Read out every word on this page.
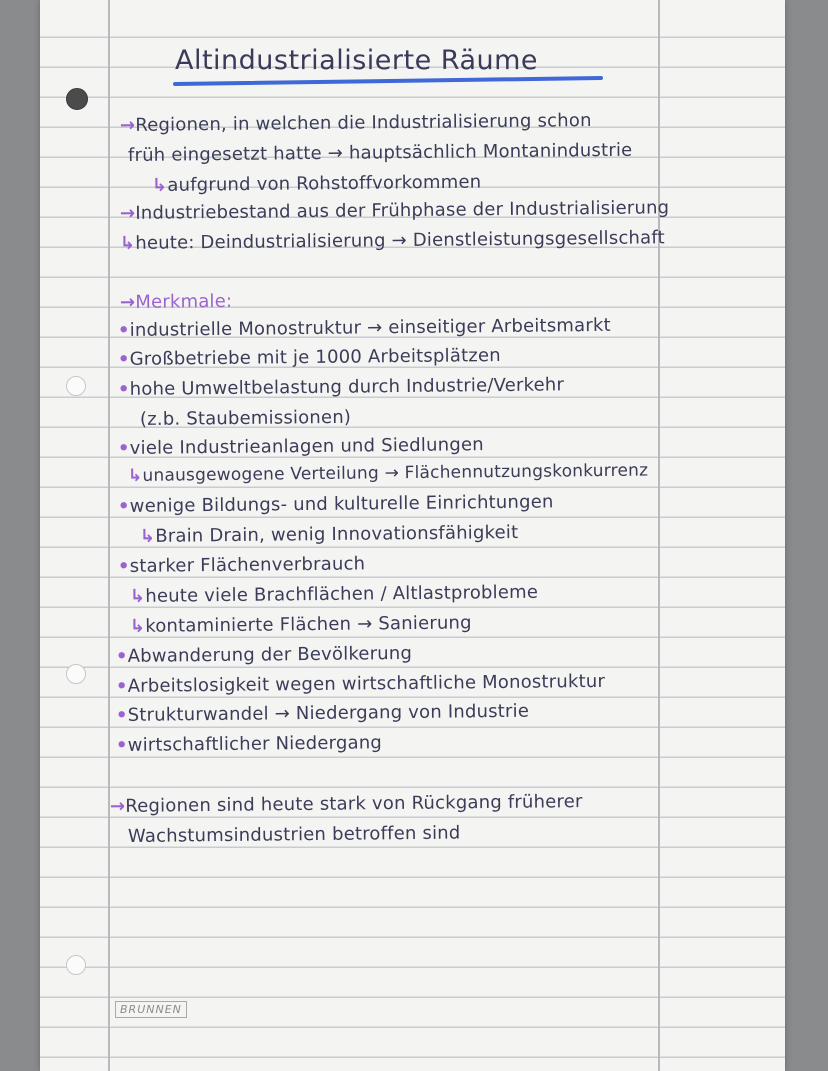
Altindustrialisierte Räume
→Regionen, in welchen die Industrialisierung schon
früh eingesetzt hatte → hauptsächlich Montanindustrie
↳aufgrund von Rohstoffvorkommen
→Industriebestand aus der Frühphase der Industrialisierung
↳heute: Deindustrialisierung → Dienstleistungsgesellschaft
→Merkmale:
•industrielle Monostruktur → einseitiger Arbeitsmarkt
•Großbetriebe mit je 1000 Arbeitsplätzen
•hohe Umweltbelastung durch Industrie/Verkehr
(z.b. Staubemissionen)
•viele Industrieanlagen und Siedlungen
↳unausgewogene Verteilung → Flächennutzungskonkurrenz
•wenige Bildungs- und kulturelle Einrichtungen
↳Brain Drain, wenig Innovationsfähigkeit
•starker Flächenverbrauch
↳heute viele Brachflächen / Altlastprobleme
↳kontaminierte Flächen → Sanierung
•Abwanderung der Bevölkerung
•Arbeitslosigkeit wegen wirtschaftliche Monostruktur
•Strukturwandel → Niedergang von Industrie
•wirtschaftlicher Niedergang
→Regionen sind heute stark von Rückgang früherer
Wachstumsindustrien betroffen sind
BRUNNEN
